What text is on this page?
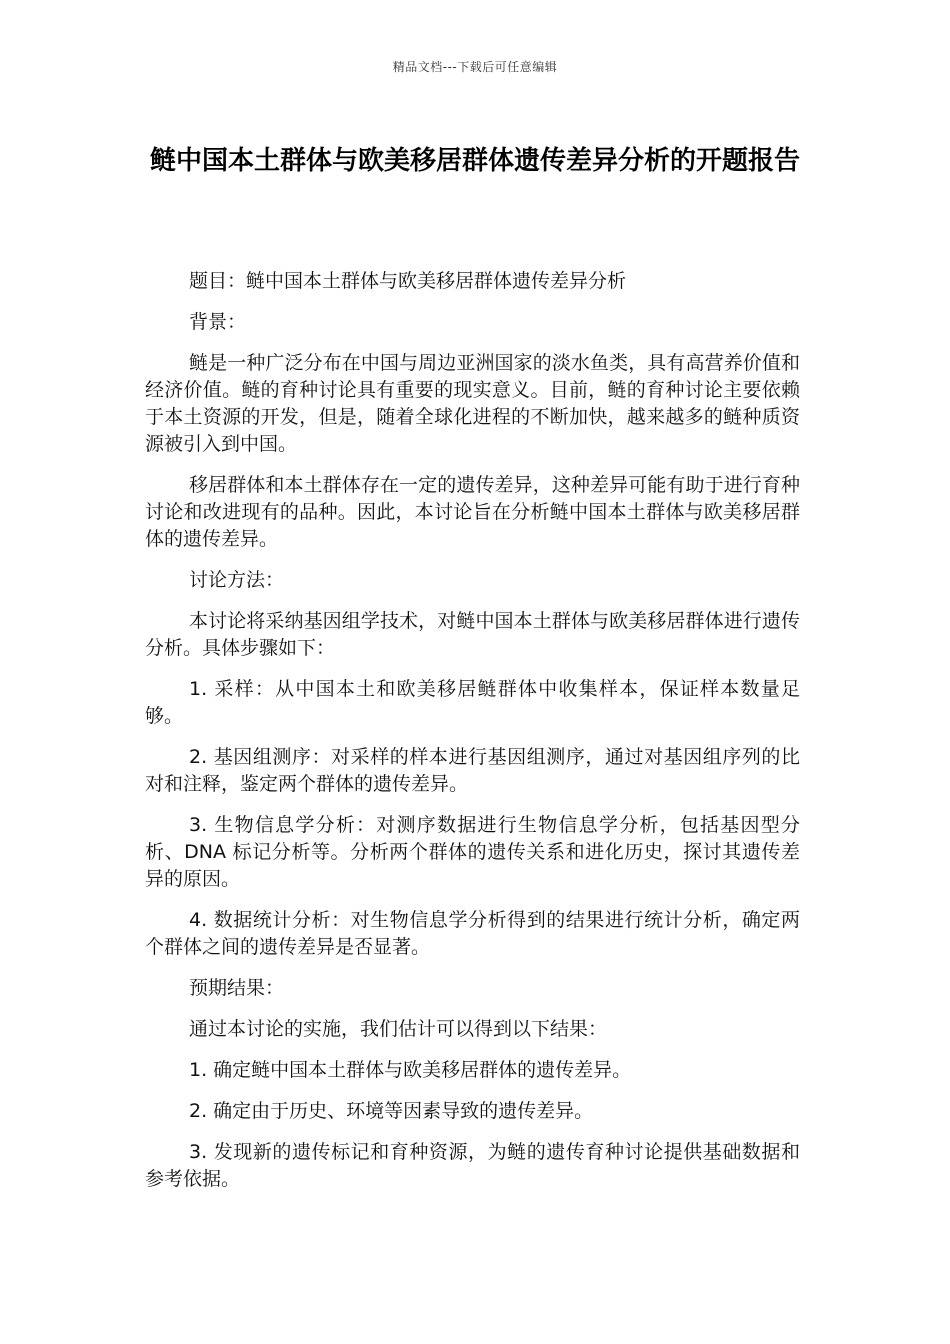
精品文档---下载后可任意编辑
鲢中国本土群体与欧美移居群体遗传差异分析的开题报告

题目：鲢中国本土群体与欧美移居群体遗传差异分析

背景：

鲢是一种广泛分布在中国与周边亚洲国家的淡水鱼类，具有高营养价值和经济价值。鲢的育种讨论具有重要的现实意义。目前，鲢的育种讨论主要依赖于本土资源的开发，但是，随着全球化进程的不断加快，越来越多的鲢种质资源被引入到中国。

移居群体和本土群体存在一定的遗传差异，这种差异可能有助于进行育种讨论和改进现有的品种。因此，本讨论旨在分析鲢中国本土群体与欧美移居群体的遗传差异。

讨论方法：

本讨论将采纳基因组学技术，对鲢中国本土群体与欧美移居群体进行遗传分析。具体步骤如下：

1. 采样：从中国本土和欧美移居鲢群体中收集样本，保证样本数量足够。

2. 基因组测序：对采样的样本进行基因组测序，通过对基因组序列的比对和注释，鉴定两个群体的遗传差异。

3. 生物信息学分析：对测序数据进行生物信息学分析，包括基因型分析、DNA 标记分析等。分析两个群体的遗传关系和进化历史，探讨其遗传差异的原因。

4. 数据统计分析：对生物信息学分析得到的结果进行统计分析，确定两个群体之间的遗传差异是否显著。

预期结果：

通过本讨论的实施，我们估计可以得到以下结果：

1. 确定鲢中国本土群体与欧美移居群体的遗传差异。

2. 确定由于历史、环境等因素导致的遗传差异。

3. 发现新的遗传标记和育种资源，为鲢的遗传育种讨论提供基础数据和参考依据。
